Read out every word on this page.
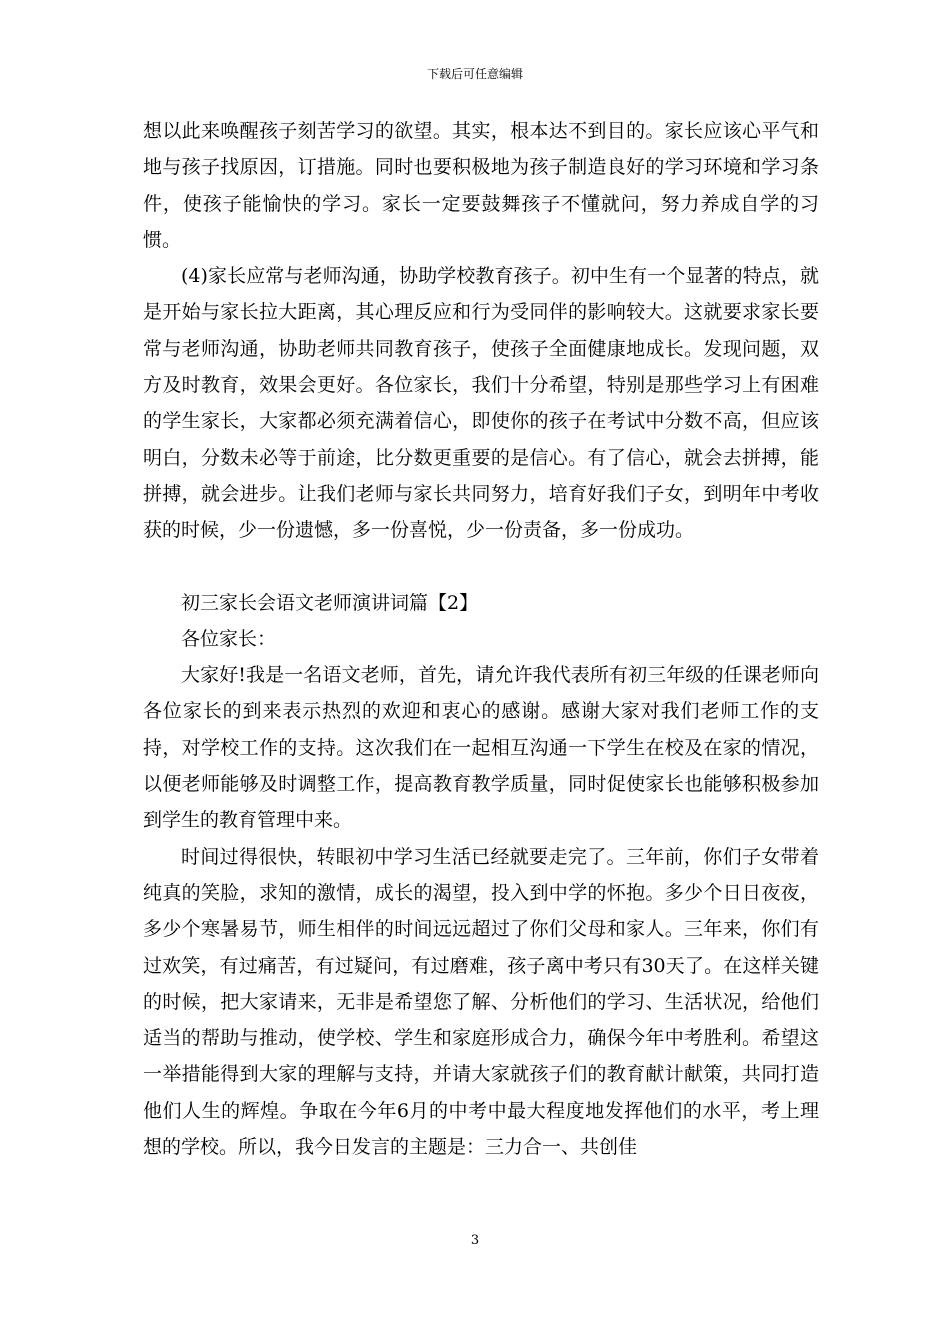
下载后可任意编辑

想以此来唤醒孩子刻苦学习的欲望。其实，根本达不到目的。家长应该心平气和地与孩子找原因，订措施。同时也要积极地为孩子制造良好的学习环境和学习条件，使孩子能愉快的学习。家长一定要鼓舞孩子不懂就问，努力养成自学的习惯。

(4)家长应常与老师沟通，协助学校教育孩子。初中生有一个显著的特点，就是开始与家长拉大距离，其心理反应和行为受同伴的影响较大。这就要求家长要常与老师沟通，协助老师共同教育孩子，使孩子全面健康地成长。发现问题，双方及时教育，效果会更好。各位家长，我们十分希望，特别是那些学习上有困难的学生家长，大家都必须充满着信心，即使你的孩子在考试中分数不高，但应该明白，分数未必等于前途，比分数更重要的是信心。有了信心，就会去拼搏，能拼搏，就会进步。让我们老师与家长共同努力，培育好我们子女，到明年中考收获的时候，少一份遗憾，多一份喜悦，少一份责备，多一份成功。

初三家长会语文老师演讲词篇【2】

各位家长：

大家好!我是一名语文老师，首先，请允许我代表所有初三年级的任课老师向各位家长的到来表示热烈的欢迎和衷心的感谢。感谢大家对我们老师工作的支持，对学校工作的支持。这次我们在一起相互沟通一下学生在校及在家的情况，以便老师能够及时调整工作，提高教育教学质量，同时促使家长也能够积极参加到学生的教育管理中来。

时间过得很快，转眼初中学习生活已经就要走完了。三年前，你们子女带着纯真的笑脸，求知的激情，成长的渴望，投入到中学的怀抱。多少个日日夜夜，多少个寒暑易节，师生相伴的时间远远超过了你们父母和家人。三年来，你们有过欢笑，有过痛苦，有过疑问，有过磨难，孩子离中考只有30天了。在这样关键的时候，把大家请来，无非是希望您了解、分析他们的学习、生活状况，给他们适当的帮助与推动，使学校、学生和家庭形成合力，确保今年中考胜利。希望这一举措能得到大家的理解与支持，并请大家就孩子们的教育献计献策，共同打造他们人生的辉煌。争取在今年6月的中考中最大程度地发挥他们的水平，考上理想的学校。所以，我今日发言的主题是：三力合一、共创佳

3
